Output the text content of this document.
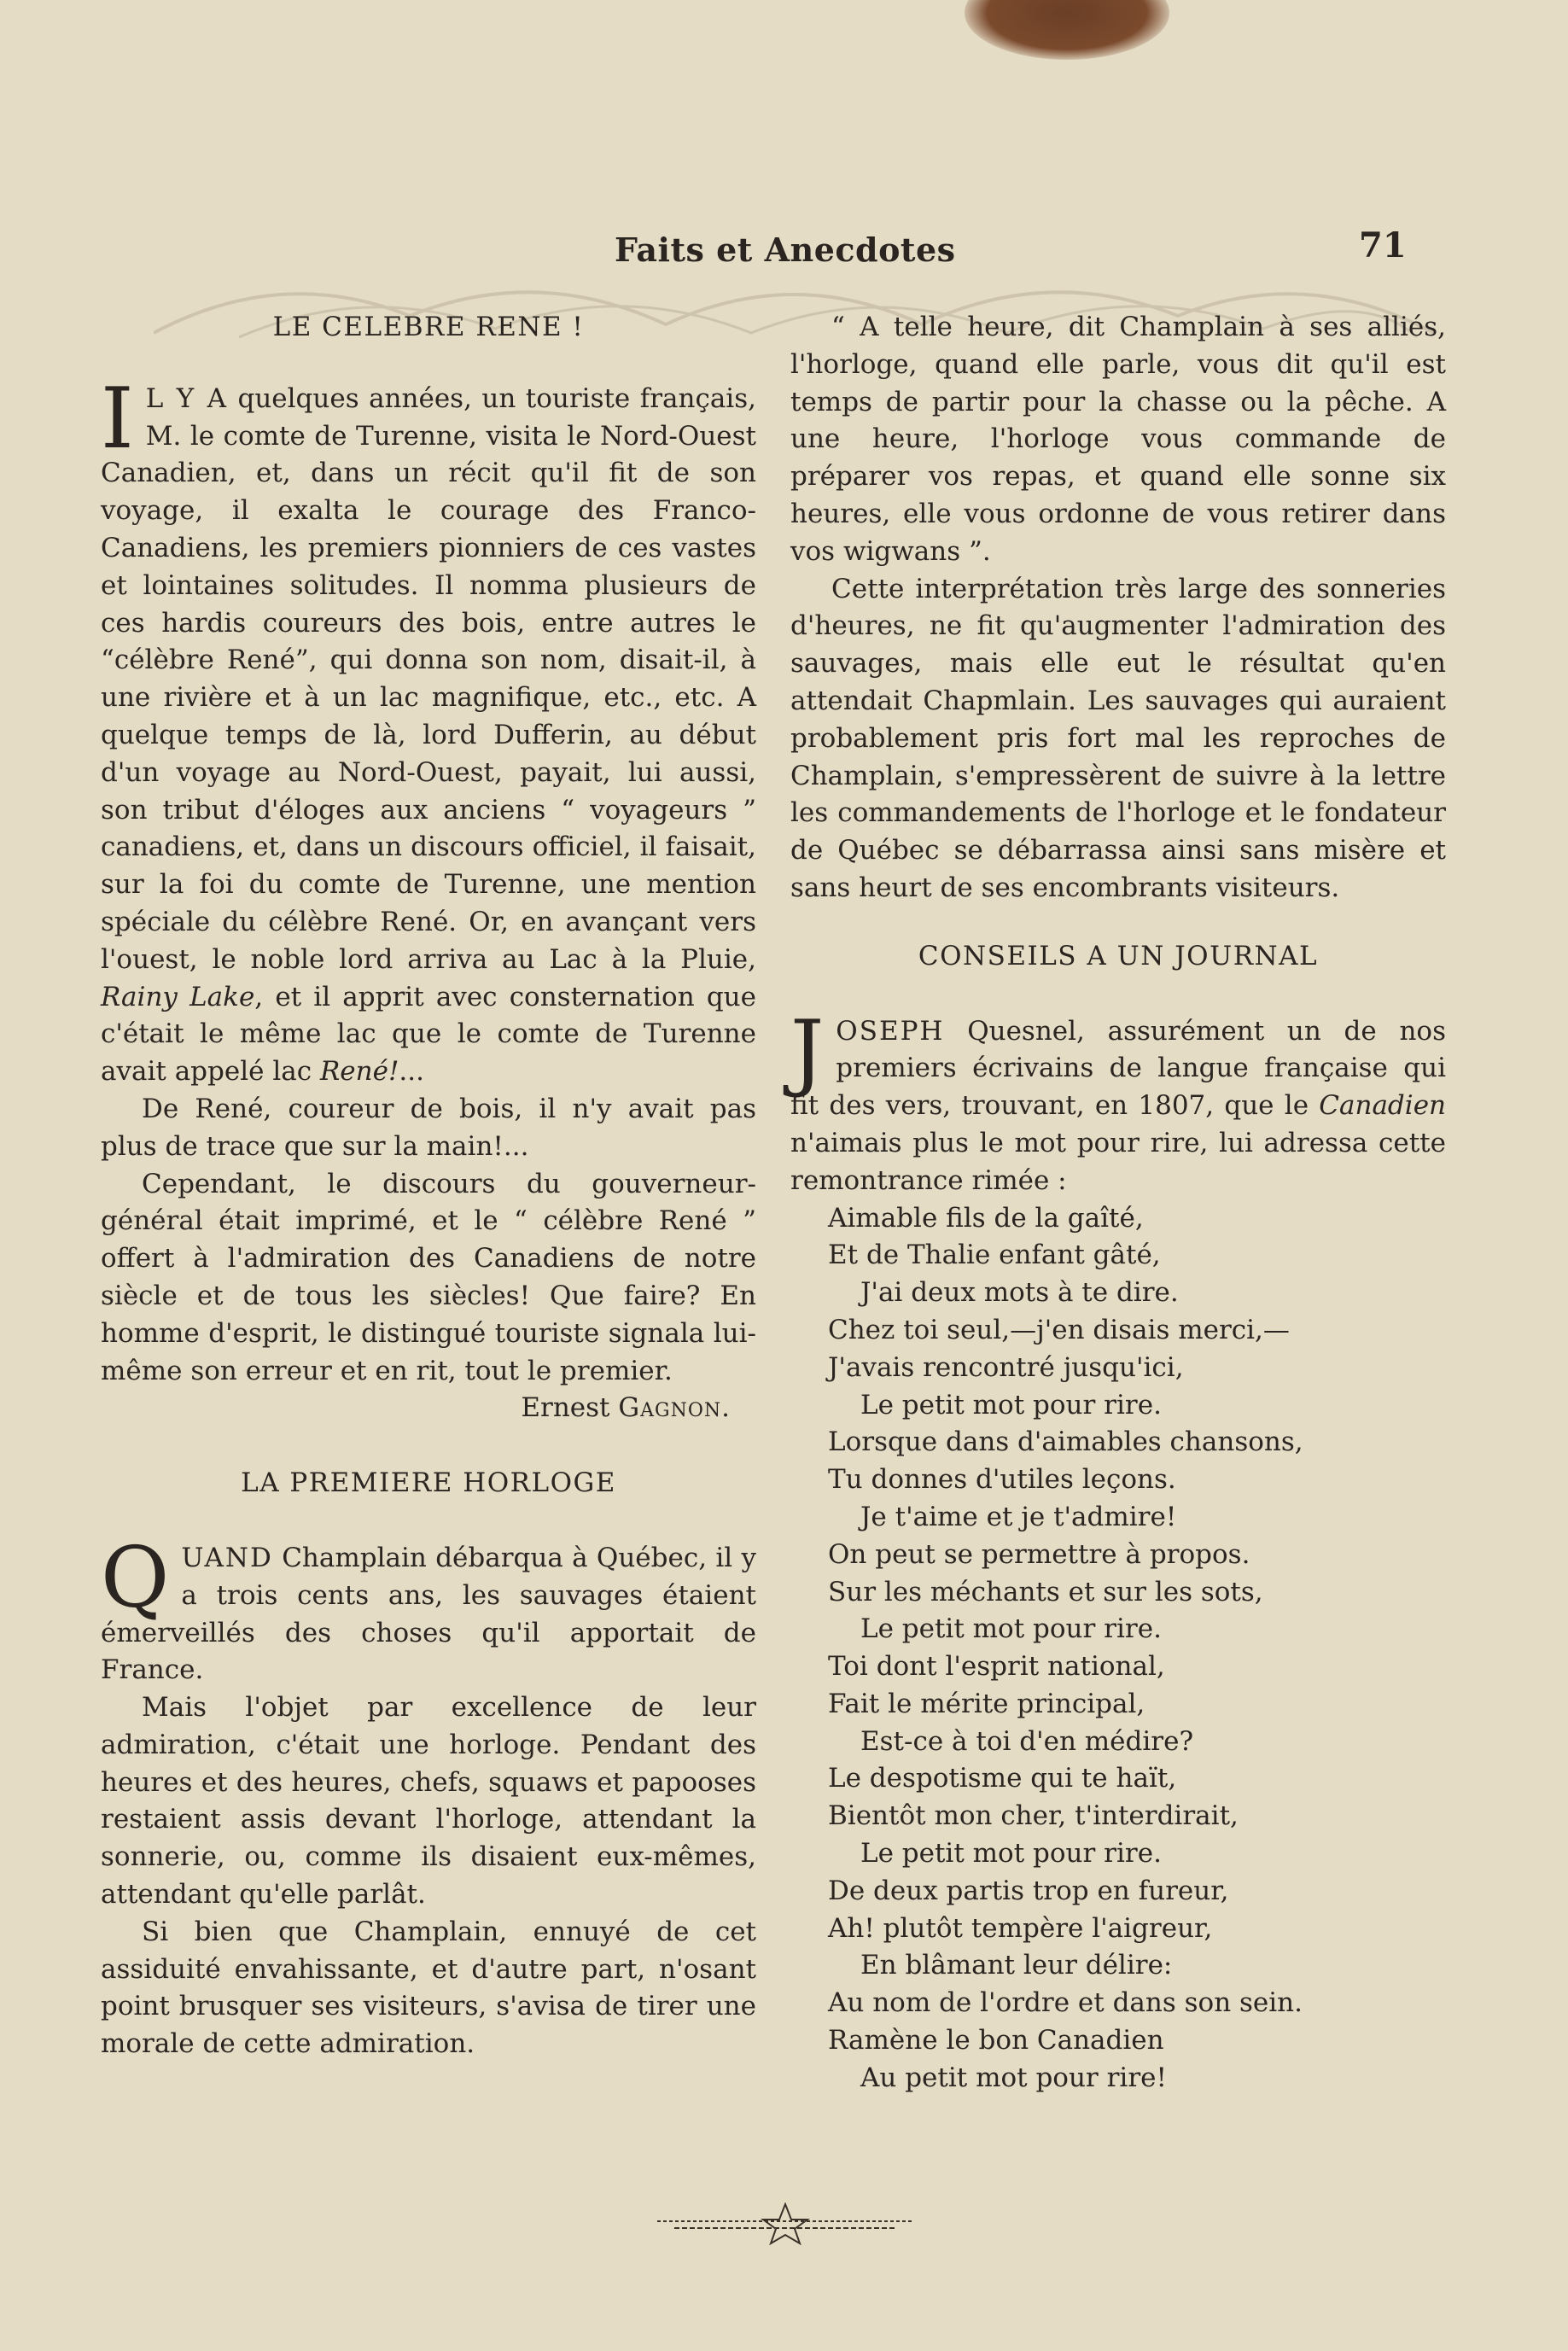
Faits et Anecdotes	71
LE CELEBRE RENE !

I L Y A quelques années, un touriste français, M. le comte de Turenne, visita le Nord-Ouest Canadien, et, dans un récit qu'il fit de son voyage, il exalta le courage des Franco-Canadiens, les premiers pionniers de ces vastes et lointaines solitudes. Il nomma plusieurs de ces hardis coureurs des bois, entre autres le “célèbre René”, qui donna son nom, disait-il, à une rivière et à un lac magnifique, etc., etc. A quelque temps de là, lord Dufferin, au début d'un voyage au Nord-Ouest, payait, lui aussi, son tribut d'éloges aux anciens “ voyageurs ” canadiens, et, dans un discours officiel, il faisait, sur la foi du comte de Turenne, une mention spéciale du célèbre René. Or, en avançant vers l'ouest, le noble lord arriva au Lac à la Pluie, Rainy Lake, et il apprit avec consternation que c'était le même lac que le comte de Turenne avait appelé lac René!...

De René, coureur de bois, il n'y avait pas plus de trace que sur la main!...

Cependant, le discours du gouverneur-général était imprimé, et le “ célèbre René ” offert à l'admiration des Canadiens de notre siècle et de tous les siècles! Que faire? En homme d'esprit, le distingué touriste signala lui-même son erreur et en rit, tout le premier.

Ernest Gagnon.

LA PREMIERE HORLOGE

QUAND Champlain débarqua à Québec, il y a trois cents ans, les sauvages étaient émerveillés des choses qu'il apportait de France.

Mais l'objet par excellence de leur admiration, c'était une horloge. Pendant des heures et des heures, chefs, squaws et papooses restaient assis devant l'horloge, attendant la sonnerie, ou, comme ils disaient eux-mêmes, attendant qu'elle parlât.

Si bien que Champlain, ennuyé de cet assiduité envahissante, et d'autre part, n'osant point brusquer ses visiteurs, s'avisa de tirer une morale de cette admiration.

“ A telle heure, dit Champlain à ses alliés, l'horloge, quand elle parle, vous dit qu'il est temps de partir pour la chasse ou la pêche. A une heure, l'horloge vous commande de préparer vos repas, et quand elle sonne six heures, elle vous ordonne de vous retirer dans vos wigwans ”.

Cette interprétation très large des sonneries d'heures, ne fit qu'augmenter l'admiration des sauvages, mais elle eut le résultat qu'en attendait Chapmlain. Les sauvages qui auraient probablement pris fort mal les reproches de Champlain, s'empressèrent de suivre à la lettre les commandements de l'horloge et le fondateur de Québec se débarrassa ainsi sans misère et sans heurt de ses encombrants visiteurs.

CONSEILS A UN JOURNAL

JOSEPH Quesnel, assurément un de nos premiers écrivains de langue française qui fit des vers, trouvant, en 1807, que le Canadien n'aimais plus le mot pour rire, lui adressa cette remontrance rimée :

Aimable fils de la gaîté,
Et de Thalie enfant gâté,
J'ai deux mots à te dire.
Chez toi seul,—j'en disais merci,—
J'avais rencontré jusqu'ici,
Le petit mot pour rire.
Lorsque dans d'aimables chansons,
Tu donnes d'utiles leçons.
Je t'aime et je t'admire!
On peut se permettre à propos.
Sur les méchants et sur les sots,
Le petit mot pour rire.
Toi dont l'esprit national,
Fait le mérite principal,
Est-ce à toi d'en médire?
Le despotisme qui te haït,
Bientôt mon cher, t'interdirait,
Le petit mot pour rire.
De deux partis trop en fureur,
Ah! plutôt tempère l'aigreur,
En blâmant leur délire:
Au nom de l'ordre et dans son sein.
Ramène le bon Canadien
Au petit mot pour rire!
